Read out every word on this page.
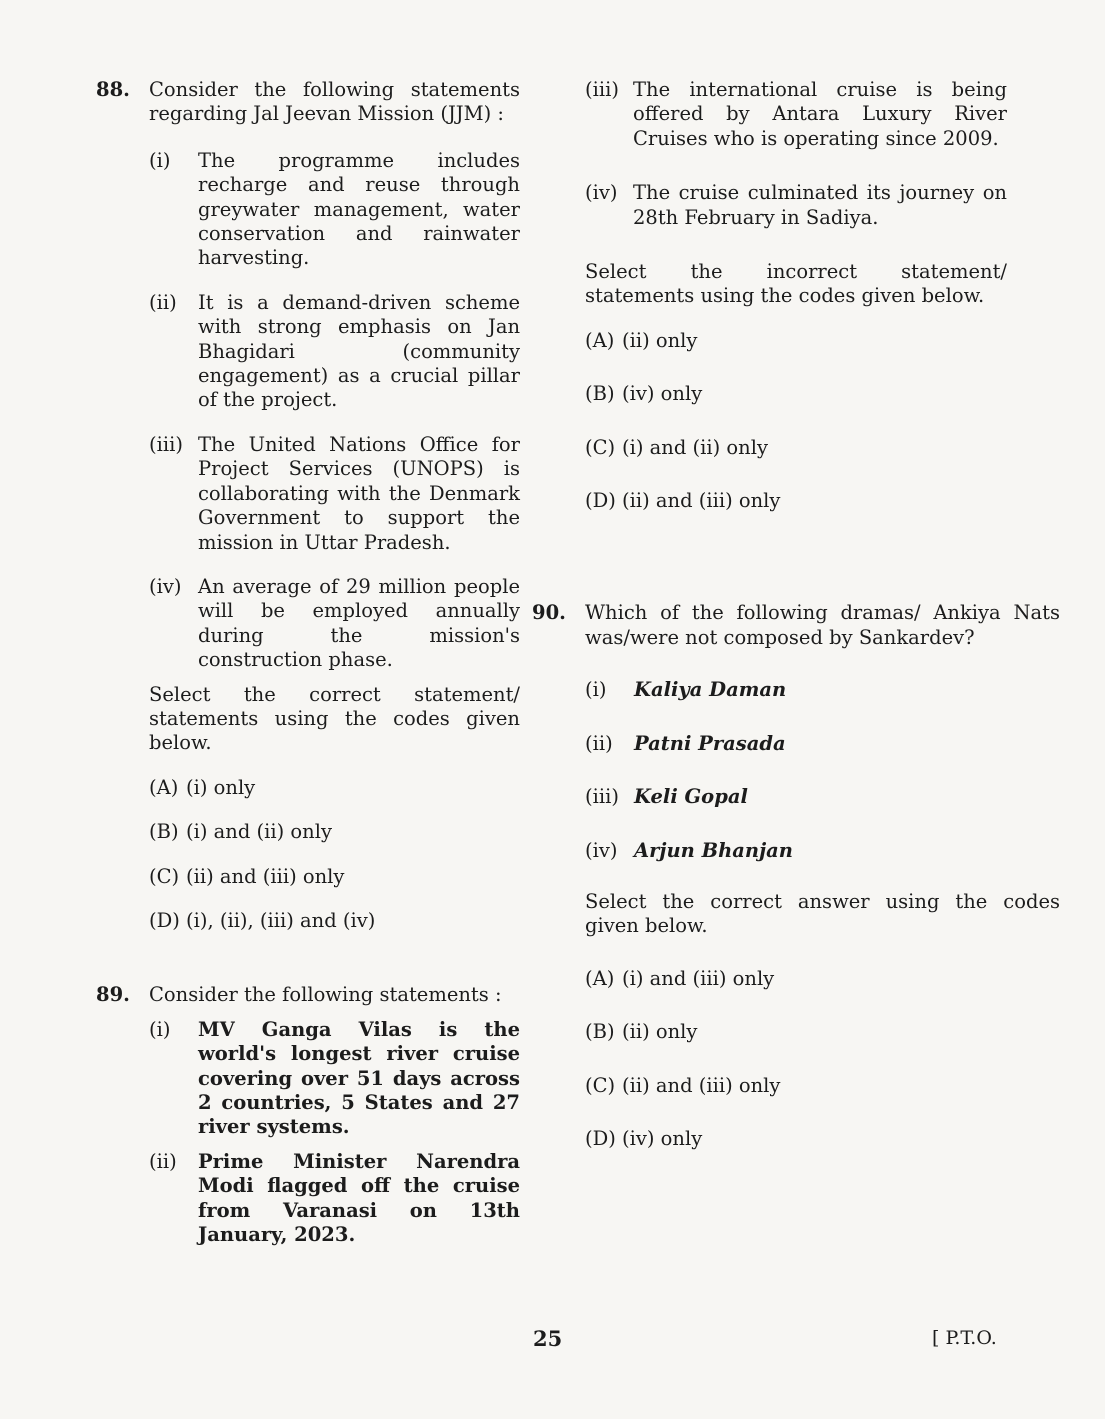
88. Consider the following statements regarding Jal Jeevan Mission (JJM) :
(i) The programme includes recharge and reuse through greywater management, water conservation and rainwater harvesting.
(ii) It is a demand-driven scheme with strong emphasis on Jan Bhagidari (community engagement) as a crucial pillar of the project.
(iii) The United Nations Office for Project Services (UNOPS) is collaborating with the Denmark Government to support the mission in Uttar Pradesh.
(iv) An average of 29 million people will be employed annually during the mission's construction phase.
Select the correct statement/ statements using the codes given below.
(A) (i) only
(B) (i) and (ii) only
(C) (ii) and (iii) only
(D) (i), (ii), (iii) and (iv)
89. Consider the following statements :
(i) MV Ganga Vilas is the world's longest river cruise covering over 51 days across 2 countries, 5 States and 27 river systems.
(ii) Prime Minister Narendra Modi flagged off the cruise from Varanasi on 13th January, 2023.
(iii) The international cruise is being offered by Antara Luxury River Cruises who is operating since 2009.
(iv) The cruise culminated its journey on 28th February in Sadiya.
Select the incorrect statement/ statements using the codes given below.
(A) (ii) only
(B) (iv) only
(C) (i) and (ii) only
(D) (ii) and (iii) only
90. Which of the following dramas/ Ankiya Nats was/were not composed by Sankardev?
(i)	Kaliya Daman
(ii)	Patni Prasada
(iii) Keli Gopal
(iv) Arjun Bhanjan
Select the correct answer using the codes given below.
(A) (i) and (iii) only
(B) (ii) only
(C) (ii) and (iii) only
(D) (iv) only
25	[ P.T.O.
